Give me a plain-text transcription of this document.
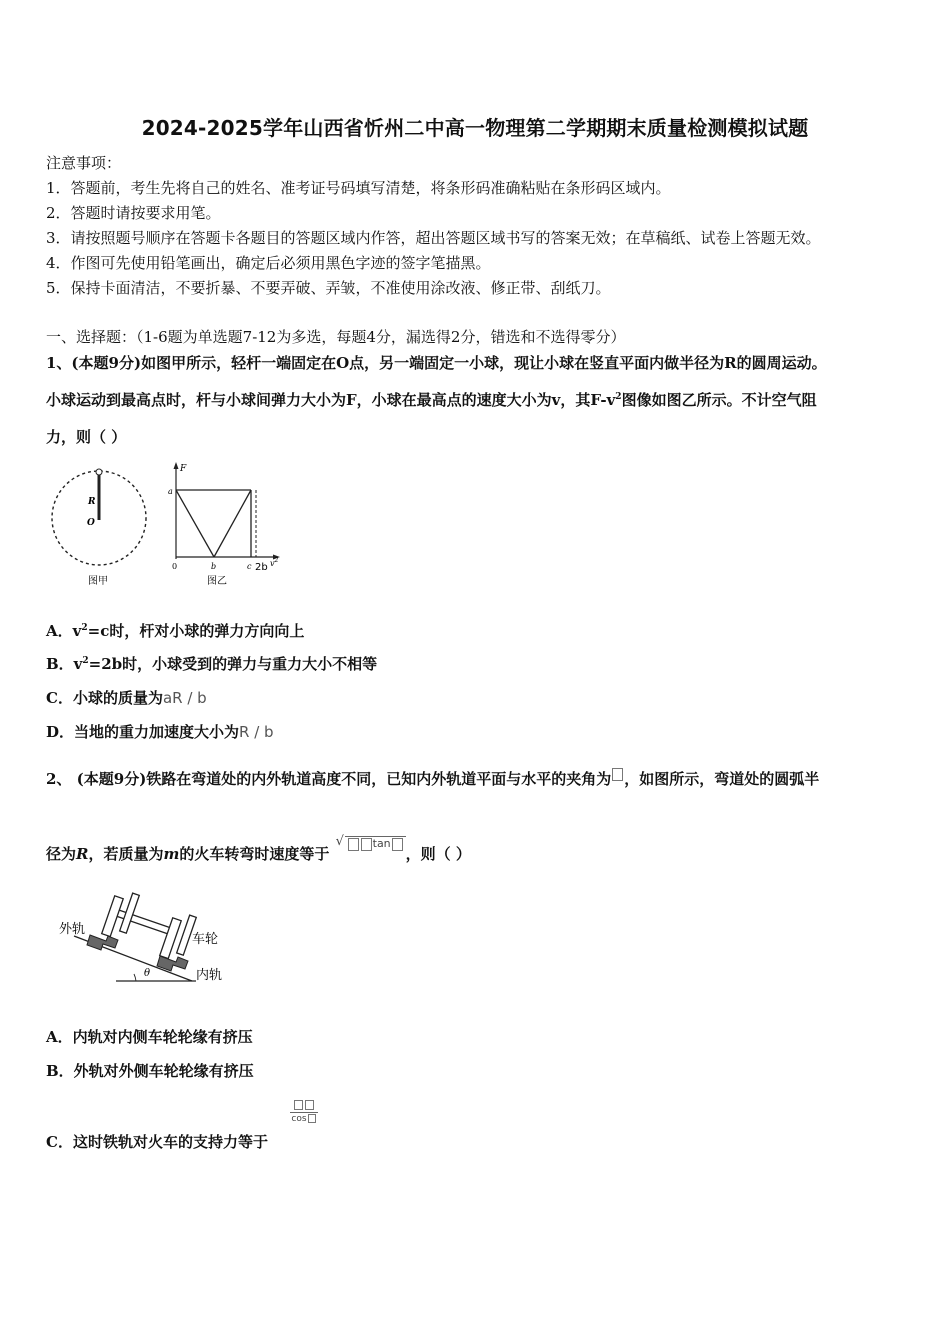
2024-2025学年山西省忻州二中高一物理第二学期期末质量检测模拟试题
注意事项：
1．答题前，考生先将自己的姓名、准考证号码填写清楚，将条形码准确粘贴在条形码区域内。
2．答题时请按要求用笔。
3．请按照题号顺序在答题卡各题目的答题区域内作答，超出答题区域书写的答案无效；在草稿纸、试卷上答题无效。
4．作图可先使用铅笔画出，确定后必须用黑色字迹的签字笔描黑。
5．保持卡面清洁，不要折暴、不要弄破、弄皱，不准使用涂改液、修正带、刮纸刀。
一、选择题：（1-6题为单选题7-12为多选，每题4分，漏选得2分，错选和不选得零分）
1、(本题9分)如图甲所示，轻杆一端固定在O点，另一端固定一小球，现让小球在竖直平面内做半径为R的圆周运动。
小球运动到最高点时，杆与小球间弹力大小为F，小球在最高点的速度大小为v，其$F-v^2$图像如图乙所示。不计空气阻
力，则（ ）
R
O
图甲
F
a
0	b	c 2b $v^2$
图乙
A．$v^2=c$时，杆对小球的弹力方向向上
B．$v^2=2b$时，小球受到的弹力与重力大小不相等
C．小球的质量为aR / b
D．当地的重力加速度大小为R / b
2、 (本题9分)铁路在弯道处的内外轨道高度不同，已知内外轨道平面与水平的夹角为 ，如图所示，弯道处的圆弧半
径为R，若质量为m的火车转弯时速度等于
√	tan，则（ ）
外轨
车轮
θ	内轨
A．内轨对内侧车轮轮缘有挤压
B．外轨对外侧车轮轮缘有挤压
C．这时铁轨对火车的支持力等于
cos
